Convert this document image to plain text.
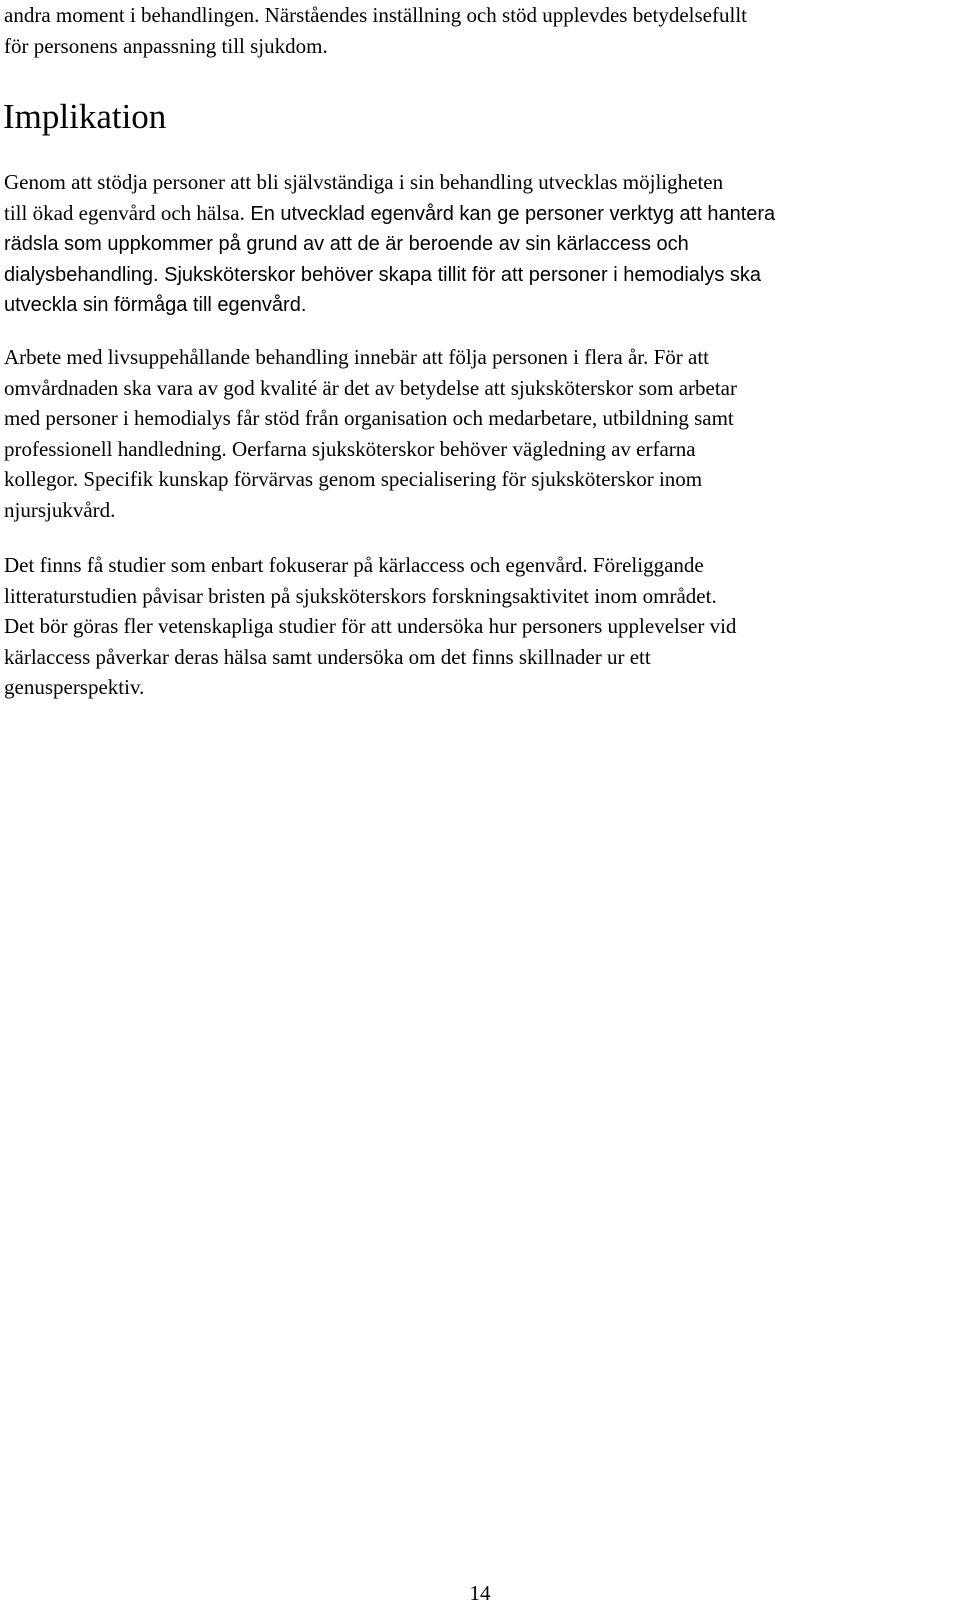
andra moment i behandlingen. Närståendes inställning och stöd upplevdes betydelsefullt
för personens anpassning till sjukdom.

Implikation

Genom att stödja personer att bli självständiga i sin behandling utvecklas möjligheten
till ökad egenvård och hälsa. En utvecklad egenvård kan ge personer verktyg att hantera
rädsla som uppkommer på grund av att de är beroende av sin kärlaccess och
dialysbehandling. Sjuksköterskor behöver skapa tillit för att personer i hemodialys ska
utveckla sin förmåga till egenvård.

Arbete med livsuppehållande behandling innebär att följa personen i flera år. För att
omvårdnaden ska vara av god kvalité är det av betydelse att sjuksköterskor som arbetar
med personer i hemodialys får stöd från organisation och medarbetare, utbildning samt
professionell handledning. Oerfarna sjuksköterskor behöver vägledning av erfarna
kollegor. Specifik kunskap förvärvas genom specialisering för sjuksköterskor inom
njursjukvård.

Det finns få studier som enbart fokuserar på kärlaccess och egenvård. Föreliggande
litteraturstudien påvisar bristen på sjuksköterskors forskningsaktivitet inom området.
Det bör göras fler vetenskapliga studier för att undersöka hur personers upplevelser vid
kärlaccess påverkar deras hälsa samt undersöka om det finns skillnader ur ett
genusperspektiv.

14
